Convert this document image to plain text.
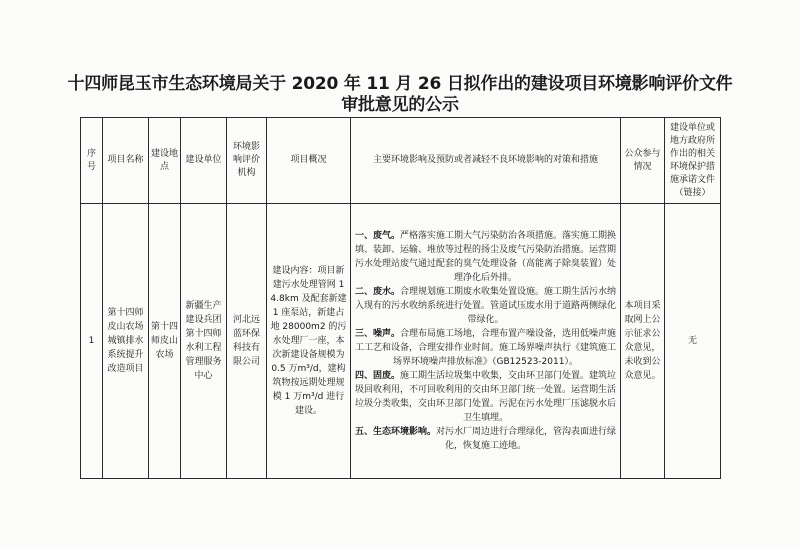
十四师昆玉市生态环境局关于 2020 年 11 月 26 日拟作出的建设项目环境影响评价文件
审批意见的公示
序号	项目名称	建设地点	建设单位	环境影响评价机构	项目概况	主要环境影响及预防或者减轻不良环境影响的对策和措施	公众参与情况	建设单位或地方政府所作出的相关环境保护措施承诺文件（链接）
1	第十四师皮山农场城镇排水系统提升改造项目	第十四师皮山农场	新疆生产建设兵团第十四师水利工程管理服务中心	河北远蓝环保科技有限公司	建设内容：项目新建污水处理管网 14.8km 及配套新建 1 座泵站，新建占地 28000m2 的污水处理厂一座，本次新建设备规模为 0.5 万m³/d，建构筑物按远期处理规模 1 万m³/d 进行建设。	一、废气。严格落实施工期大气污染防治各项措施。落实施工期换填、装卸、运输、堆放等过程的扬尘及废气污染防治措施。运营期污水处理站废气通过配套的臭气处理设备（高能离子除臭装置）处理净化后外排。

二、废水。合理规划施工期废水收集处置设施。施工期生活污水纳入现有的污水收纳系统进行处置。管道试压废水用于道路两侧绿化带绿化。

三、噪声。合理布局施工场地，合理布置产噪设备，选用低噪声施工工艺和设备，合理安排作业时间。施工场界噪声执行《建筑施工场界环境噪声排放标准》（GB12523-2011）。

四、固废。施工期生活垃圾集中收集，交由环卫部门处置。建筑垃圾回收利用，不可回收利用的交由环卫部门统一处置。运营期生活垃圾分类收集，交由环卫部门处置。污泥在污水处理厂压滤脱水后卫生填埋。

五、生态环境影响。对污水厂周边进行合理绿化，管沟表面进行绿化，恢复施工迹地。	本项目采取网上公示征求公众意见，未收到公众意见。	无
